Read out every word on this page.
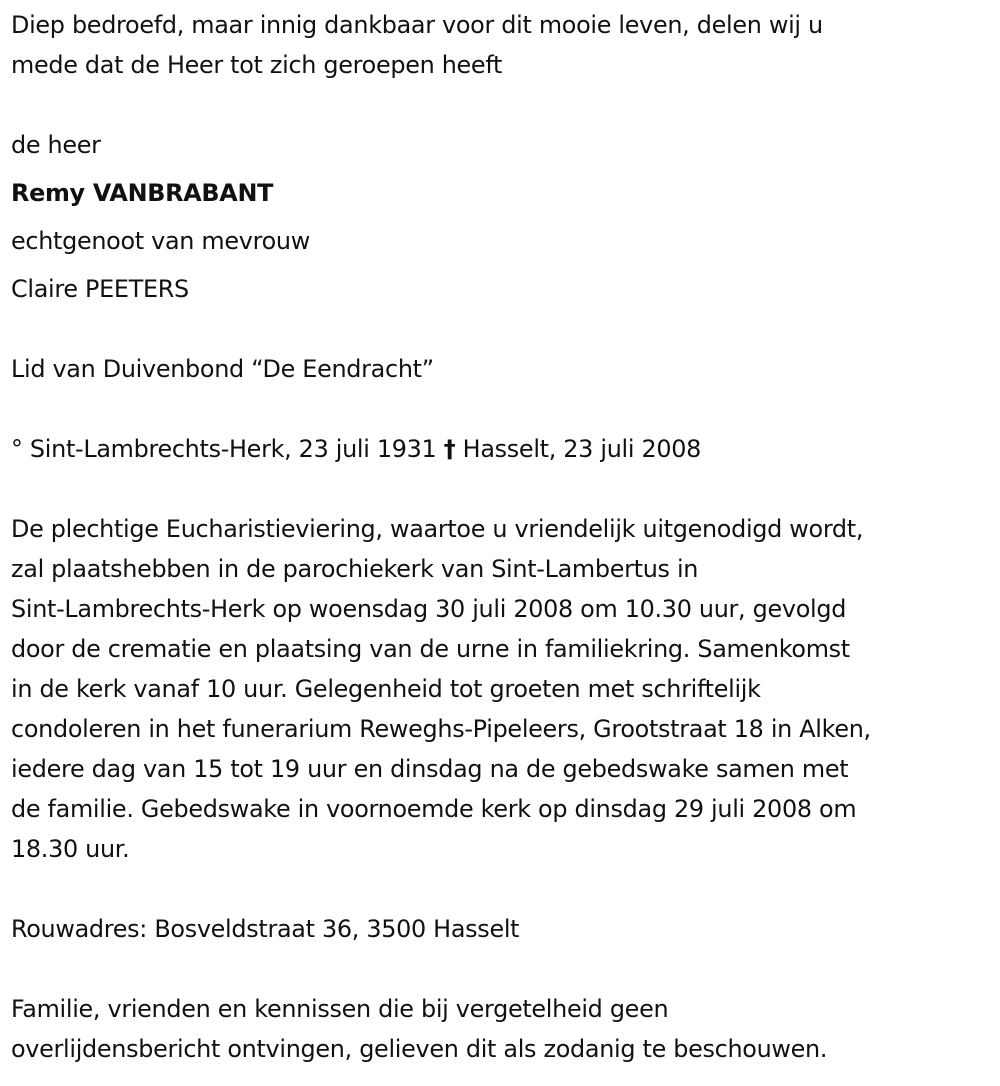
Diep bedroefd, maar innig dankbaar voor dit mooie leven, delen wij u
mede dat de Heer tot zich geroepen heeft
de heer
Remy VANBRABANT
echtgenoot van mevrouw
Claire PEETERS
Lid van Duivenbond “De Eendracht”
° Sint-Lambrechts-Herk, 23 juli 1931 † Hasselt, 23 juli 2008
De plechtige Eucharistieviering, waartoe u vriendelijk uitgenodigd wordt,
zal plaatshebben in de parochiekerk van Sint-Lambertus in
Sint-Lambrechts-Herk op woensdag 30 juli 2008 om 10.30 uur, gevolgd
door de crematie en plaatsing van de urne in familiekring. Samenkomst
in de kerk vanaf 10 uur. Gelegenheid tot groeten met schriftelijk
condoleren in het funerarium Reweghs-Pipeleers, Grootstraat 18 in Alken,
iedere dag van 15 tot 19 uur en dinsdag na de gebedswake samen met
de familie. Gebedswake in voornoemde kerk op dinsdag 29 juli 2008 om
18.30 uur.
Rouwadres: Bosveldstraat 36, 3500 Hasselt
Familie, vrienden en kennissen die bij vergetelheid geen
overlijdensbericht ontvingen, gelieven dit als zodanig te beschouwen.
